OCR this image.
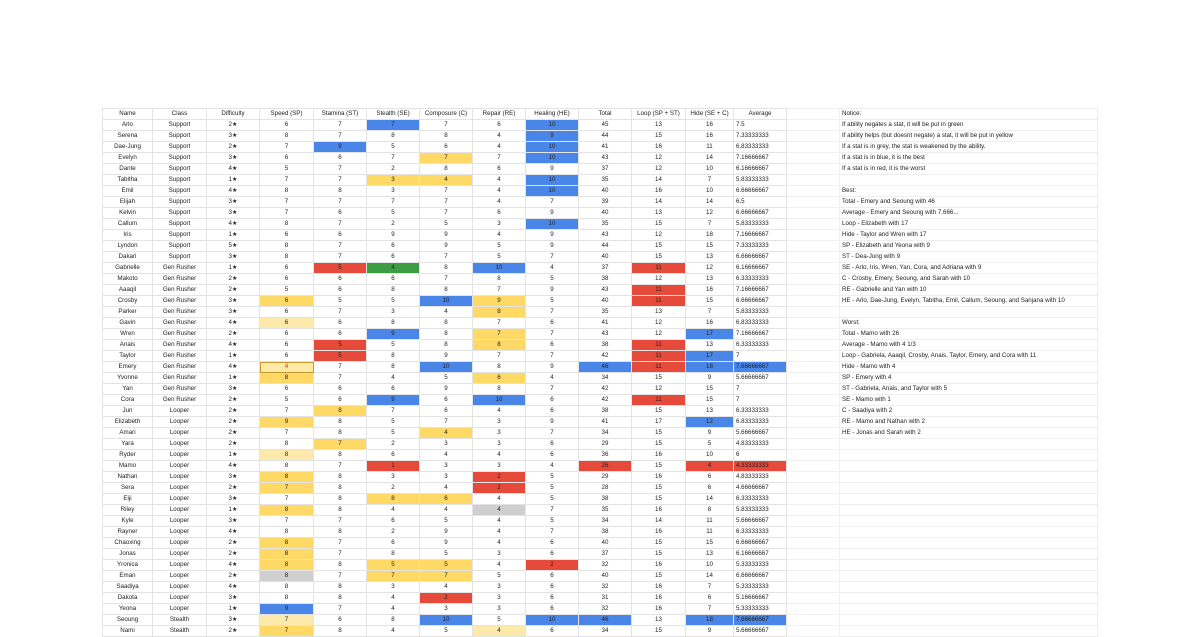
Name	Class	Difficulty	Speed (SP)	Stamina (ST)	Stealth (SE)	Composure (C)	Repair (RE)	Healing (HE)	Total	Loop (SP + ST)	Hide (SE + C)	Average		Notice:
Arlo	Support	2★	6	7	7	7	6	10	45	13	16	7.5		If ability negates a stat, it will be put in green
Serena	Support	3★	8	7	8	8	4	9	44	15	16	7.33333333		If ability helps (but doesnt negate) a stat, it will be put in yellow
Dae-Jung	Support	2★	7	9	5	6	4	10	41	16	11	6.83333333		If a stat is in grey, the stat is weakened by the ability.
Evelyn	Support	3★	6	6	7	7	7	10	43	12	14	7.16666667		If a stat is in blue, it is the best
Dante	Support	4★	5	7	2	8	6	9	37	12	10	6.16666667		If a stat is in red, it is the worst
Tabitha	Support	1★	7	7	3	4	4	10	35	14	7	5.83333333		
Emil	Support	4★	8	8	3	7	4	10	40	16	10	6.66666667		Best:
Elijah	Support	3★	7	7	7	7	4	7	39	14	14	6.5		Total - Emery and Seoung with 46
Kelvin	Support	3★	7	6	5	7	6	9	40	13	12	6.66666667		Average - Emery and Seoung with 7.666...
Callum	Support	4★	8	7	2	5	3	10	35	15	7	5.83333333		Loop - Elizabeth with 17
Iris	Support	1★	6	6	9	9	4	9	43	12	18	7.16666667		Hide - Taylor and Wren with 17
Lyndon	Support	5★	8	7	6	9	5	9	44	15	15	7.33333333		SP - Elizabeth and Yeona with 9
Dakari	Support	3★	8	7	6	7	5	7	40	15	13	6.66666667		ST - Dea-Jung with 9
Gabrielle	Gen Rusher	1★	6	5	4	8	10	4	37	11	12	6.16666667		SE - Arlo, Iris, Wren, Yan, Cora, and Adriana with 9
Makoto	Gen Rusher	2★	6	6	6	7	8	5	38	12	13	6.33333333		C - Crosby, Emery, Seoung, and Sarah with 10
Aaaqil	Gen Rusher	2★	5	6	8	8	7	9	43	11	16	7.16666667		RE - Gabrielle and Yan with 10
Crosby	Gen Rusher	3★	6	5	5	10	9	5	40	11	15	6.66666667		HE - Arlo, Dae-Jung, Evelyn, Tabitha, Emil, Callum, Seoung, and Sanjana with 10
Parker	Gen Rusher	3★	6	7	3	4	8	7	35	13	7	5.83333333		
Gavin	Gen Rusher	4★	6	6	8	8	7	6	41	12	16	6.83333333		Worst:
Wren	Gen Rusher	2★	6	6	9	8	7	7	43	12	17	7.16666667		Total - Mamo with 26
Anais	Gen Rusher	4★	6	5	5	8	8	6	38	11	13	6.33333333		Average - Mamo with 4 1/3
Taylor	Gen Rusher	1★	6	5	8	9	7	7	42	11	17	7		Loop - Gabriela, Aaaqil, Crosby, Anais, Taylor, Emery, and Cora with 11
Emery	Gen Rusher	4★	4	7	8	10	8	9	46	11	18	7.66666667		Hide - Mamo with 4
Yvonne	Gen Rusher	1★	8	7	4	5	6	4	34	15	9	5.66666667		SP - Emery with 4
Yan	Gen Rusher	3★	6	6	6	9	8	7	42	12	15	7		ST - Gabriela, Anais, and Taylor with 5
Cora	Gen Rusher	2★	5	6	9	6	10	6	42	11	15	7		SE - Mamo with 1
Jun	Looper	2★	7	8	7	6	4	6	38	15	13	6.33333333		C - Saadiya with 2
Elizabeth	Looper	2★	9	8	5	7	3	9	41	17	12	6.83333333		RE - Mamo and Nathan with 2
Amari	Looper	2★	7	8	5	4	3	7	34	15	9	5.66666667		HE - Jonas and Sarah with 2
Yara	Looper	2★	8	7	2	3	3	6	29	15	5	4.83333333		
Ryder	Looper	1★	8	8	6	4	4	6	36	16	10	6		
Mamo	Looper	4★	8	7	1	3	3	4	26	15	4	4.33333333		
Nathan	Looper	3★	8	8	3	3	2	5	29	16	6	4.83333333		
Sera	Looper	2★	7	8	2	4	2	5	28	15	6	4.66666667		
Eiji	Looper	3★	7	8	8	6	4	5	38	15	14	6.33333333		
Riley	Looper	1★	8	8	4	4	4	7	35	16	8	5.83333333		
Kyle	Looper	3★	7	7	6	5	4	5	34	14	11	5.66666667		
Rayner	Looper	4★	8	8	2	9	4	7	38	16	11	6.33333333		
Chaoxing	Looper	2★	8	7	6	9	4	6	40	15	15	6.66666667		
Jonas	Looper	2★	8	7	8	5	3	6	37	15	13	6.16666667		
Yronica	Looper	4★	8	8	5	5	4	2	32	16	10	5.33333333		
Eman	Looper	2★	8	7	7	7	5	6	40	15	14	6.66666667		
Saadiya	Looper	4★	8	8	3	4	3	6	32	16	7	5.33333333		
Dakota	Looper	3★	8	8	4	2	3	6	31	16	6	5.16666667		
Yeona	Looper	1★	9	7	4	3	3	6	32	16	7	5.33333333		
Seoung	Stealth	3★	7	6	8	10	5	10	46	13	18	7.66666667		
Nami	Stealth	2★	7	8	4	5	4	6	34	15	9	5.66666667		
